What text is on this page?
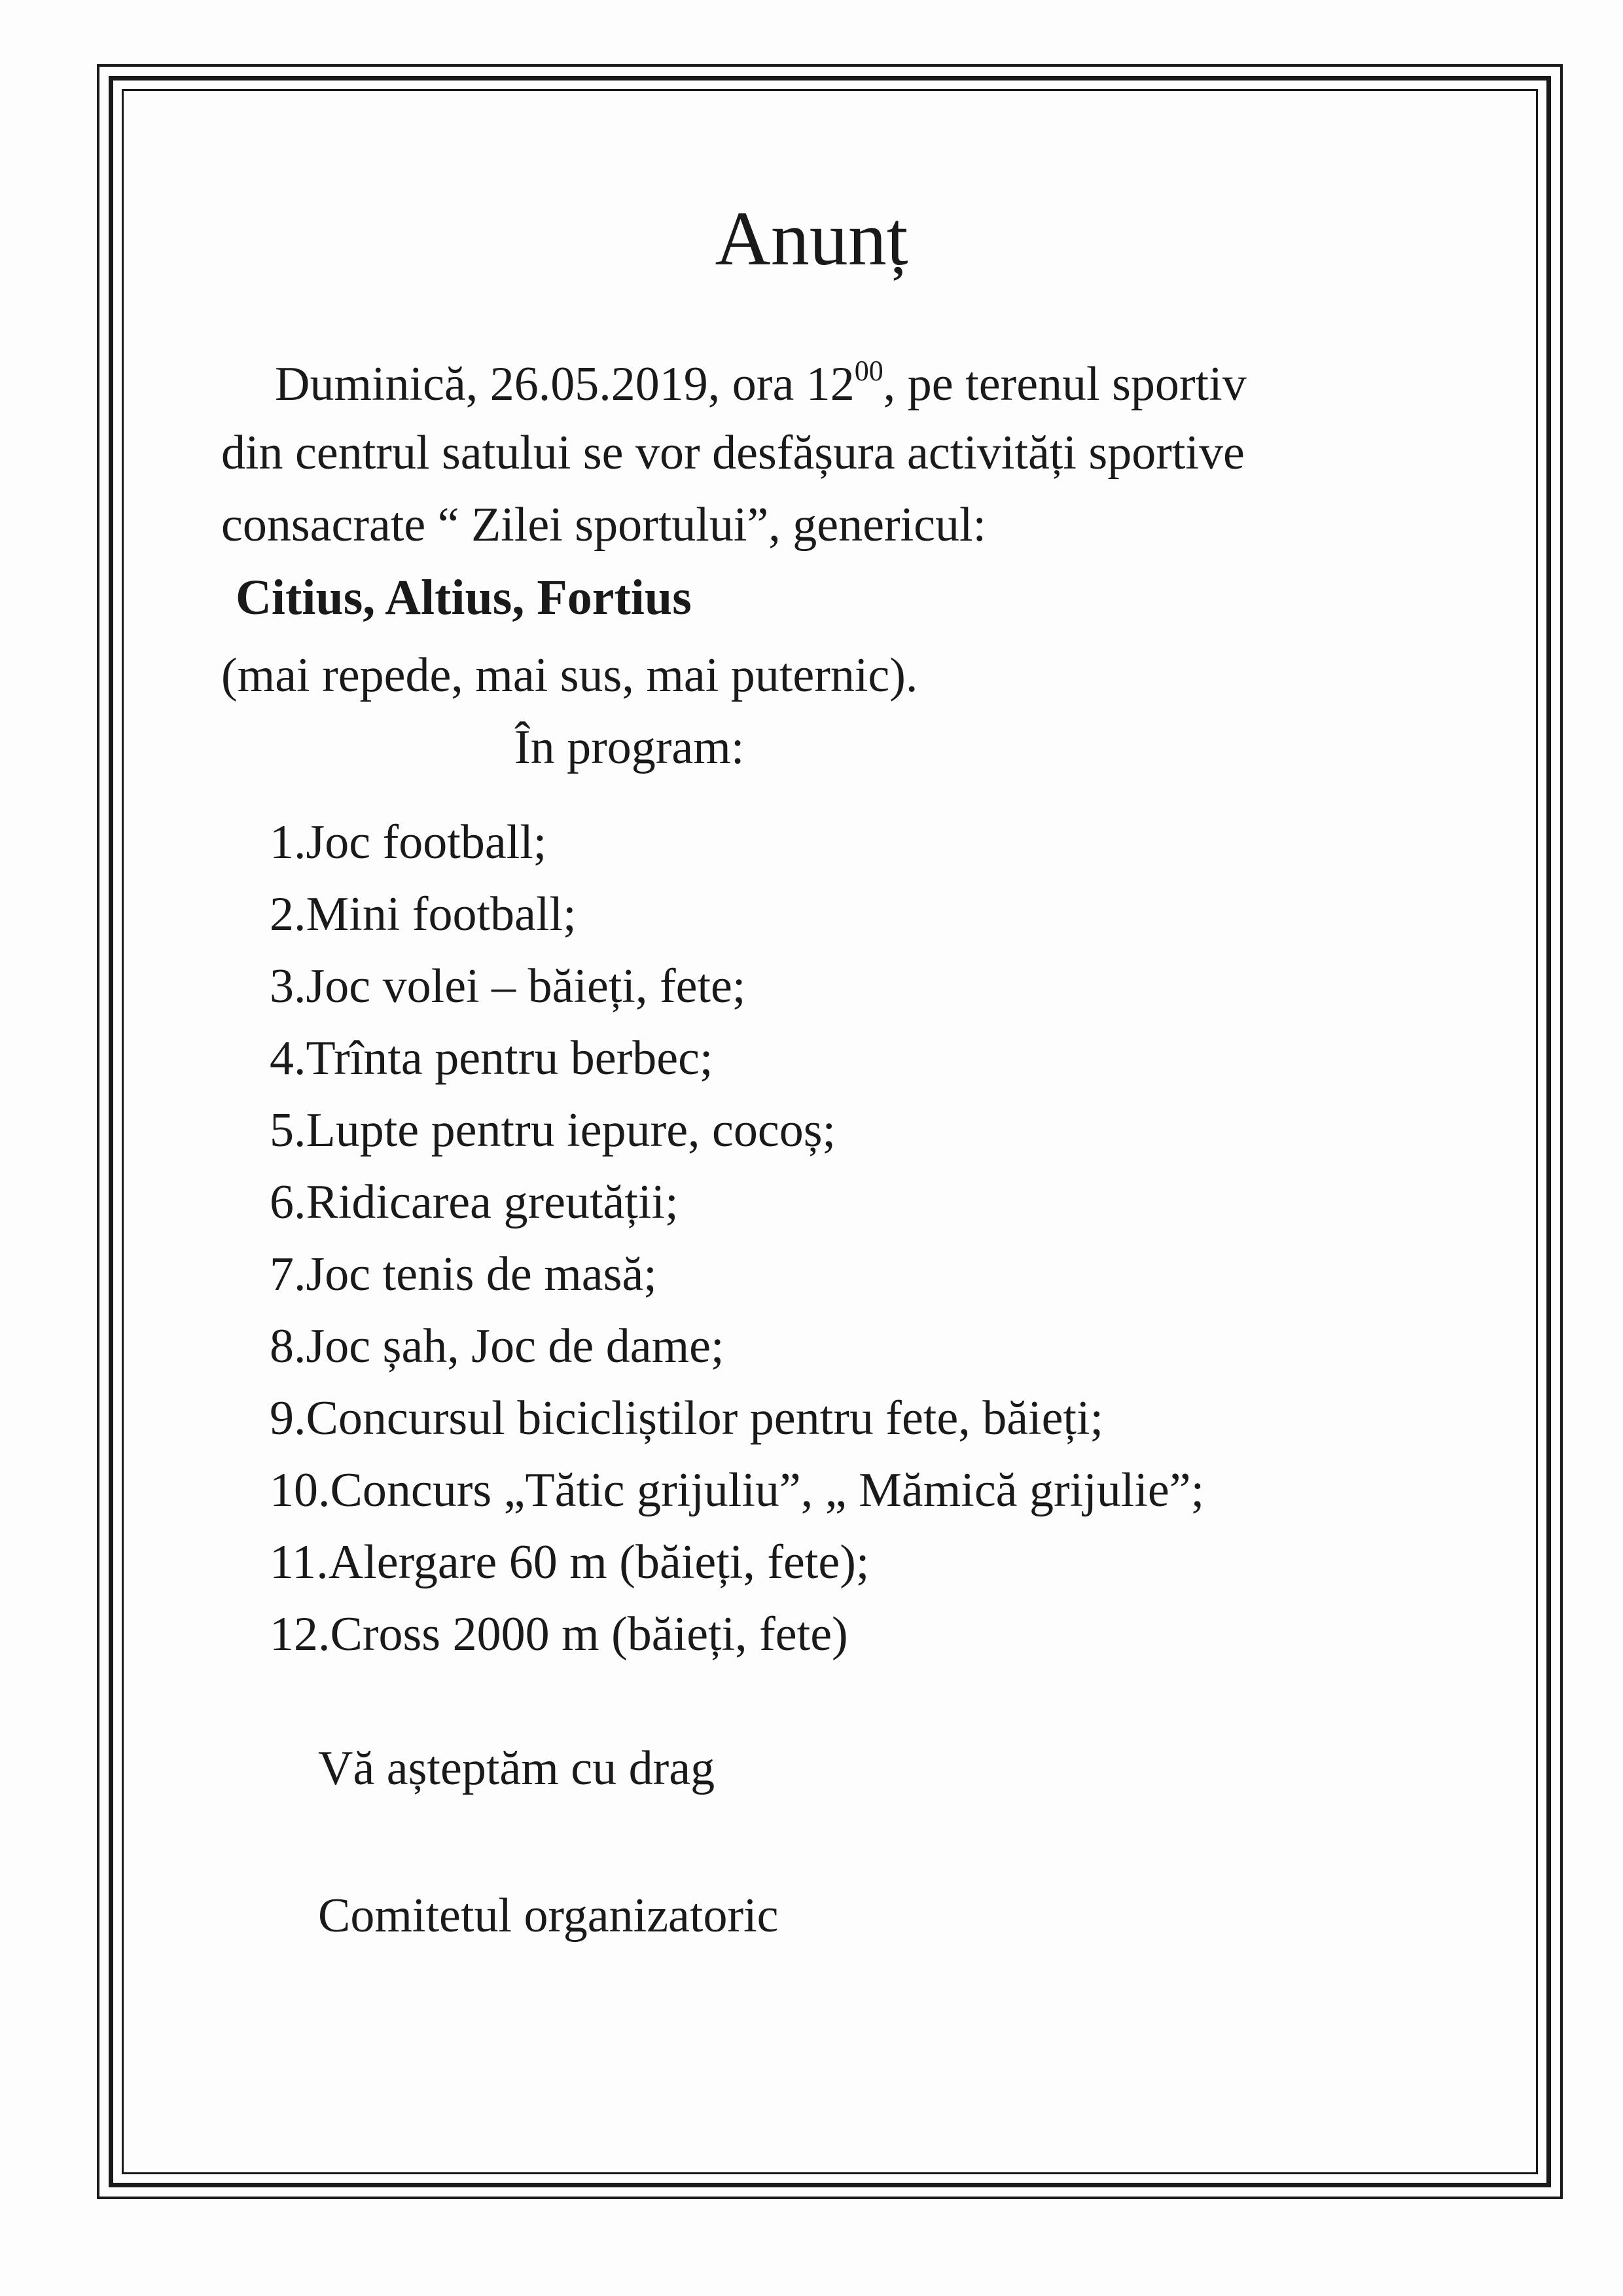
Anunț
Duminică, 26.05.2019, ora $12^{00}$, pe terenul sportiv
din centrul satului se vor desfășura activități sportive
consacrate “ Zilei sportului”, genericul:
Citius, Altius, Fortius
(mai repede, mai sus, mai puternic).
În program:
1.Joc football;
2.Mini football;
3.Joc volei – băieți, fete;
4.Trînta pentru berbec;
5.Lupte pentru iepure, cocoș;
6.Ridicarea greutății;
7.Joc tenis de masă;
8.Joc șah, Joc de dame;
9.Concursul bicicliștilor pentru fete, băieți;
10.Concurs „Tătic grijuliu”, „ Mămică grijulie”;
11.Alergare 60 m (băieți, fete);
12.Cross 2000 m (băieți, fete)
Vă așteptăm cu drag
Comitetul organizatoric
